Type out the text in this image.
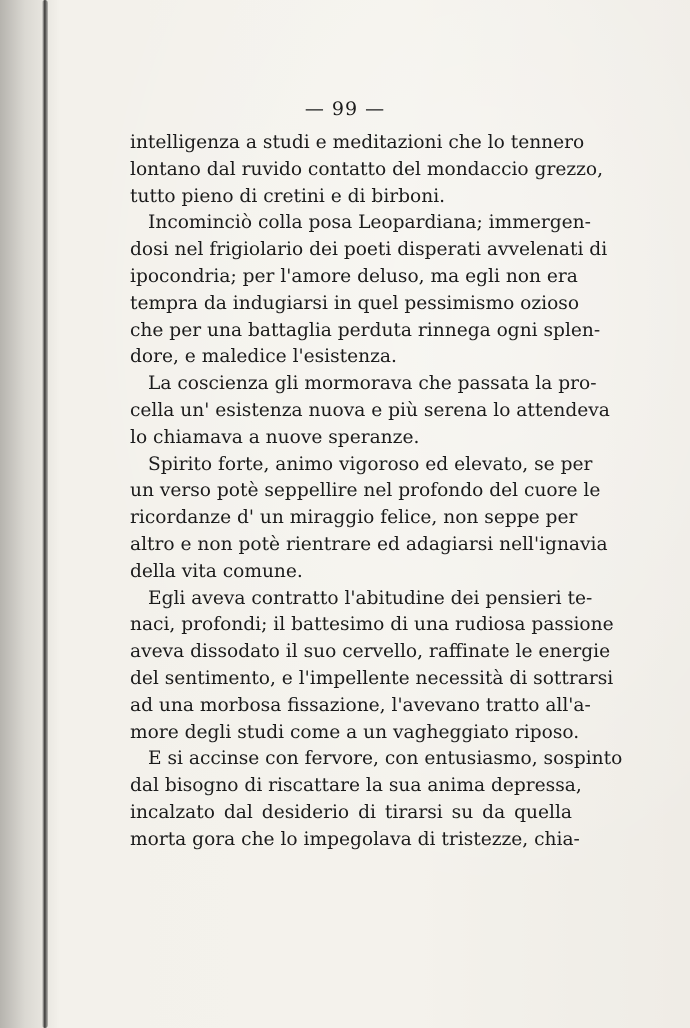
— 99 —
intelligenza a studi e meditazioni che lo tennero
lontano dal ruvido contatto del mondaccio grezzo,
tutto pieno di cretini e di birboni.
Incominciò colla posa Leopardiana; immergen-
dosi nel frigiolario dei poeti disperati avvelenati di
ipocondria; per l'amore deluso, ma egli non era
tempra da indugiarsi in quel pessimismo ozioso
che per una battaglia perduta rinnega ogni splen-
dore, e maledice l'esistenza.
La coscienza gli mormorava che passata la pro-
cella un' esistenza nuova e più serena lo attendeva
lo chiamava a nuove speranze.
Spirito forte, animo vigoroso ed elevato, se per
un verso potè seppellire nel profondo del cuore le
ricordanze d' un miraggio felice, non seppe per
altro e non potè rientrare ed adagiarsi nell'ignavia
della vita comune.
Egli aveva contratto l'abitudine dei pensieri te-
naci, profondi; il battesimo di una rudiosa passione
aveva dissodato il suo cervello, raffinate le energie
del sentimento, e l'impellente necessità di sottrarsi
ad una morbosa fissazione, l'avevano tratto all'a-
more degli studi come a un vagheggiato riposo.
E si accinse con fervore, con entusiasmo, sospinto
dal bisogno di riscattare la sua anima depressa,
incalzato dal desiderio di tirarsi su da quella
morta gora che lo impegolava di tristezze, chia-
